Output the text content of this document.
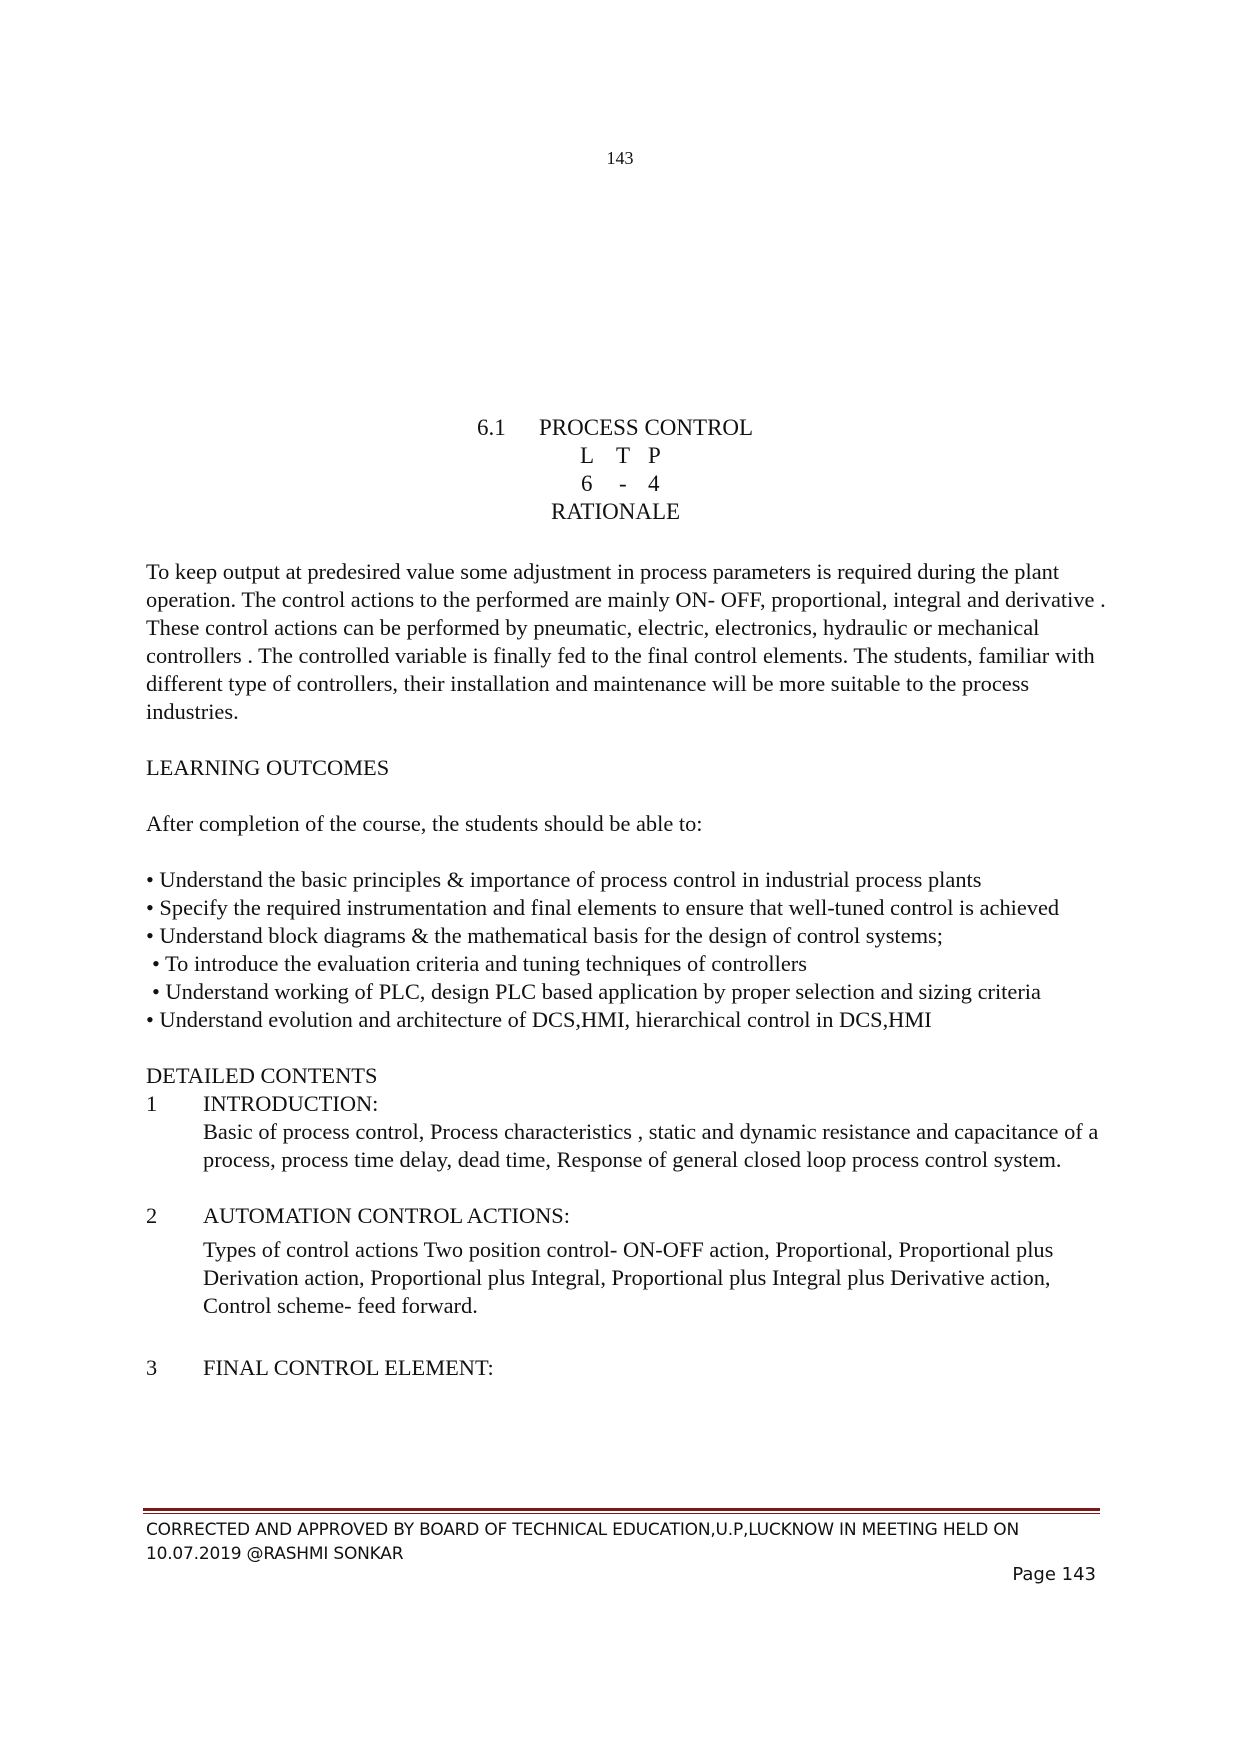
143
6.1 PROCESS CONTROL
L T P
6 - 4
RATIONALE

To keep output at predesired value some adjustment in process parameters is required during the plant operation. The control actions to the performed are mainly ON- OFF, proportional, integral and derivative . These control actions can be performed by pneumatic, electric, electronics, hydraulic or mechanical controllers . The controlled variable is finally fed to the final control elements. The students, familiar with different type of controllers, their installation and maintenance will be more suitable to the process industries.

LEARNING OUTCOMES

After completion of the course, the students should be able to:

• Understand the basic principles & importance of process control in industrial process plants
• Specify the required instrumentation and final elements to ensure that well-tuned control is achieved
• Understand block diagrams & the mathematical basis for the design of control systems;
• To introduce the evaluation criteria and tuning techniques of controllers
• Understand working of PLC, design PLC based application by proper selection and sizing criteria
• Understand evolution and architecture of DCS,HMI, hierarchical control in DCS,HMI

DETAILED CONTENTS

1	INTRODUCTION:
Basic of process control, Process characteristics , static and dynamic resistance and capacitance of a process, process time delay, dead time, Response of general closed loop process control system.
2	AUTOMATION CONTROL ACTIONS:
Types of control actions Two position control- ON-OFF action, Proportional, Proportional plus Derivation action, Proportional plus Integral, Proportional plus Integral plus Derivative action, Control scheme- feed forward.
3	FINAL CONTROL ELEMENT:
CORRECTED AND APPROVED BY BOARD OF TECHNICAL EDUCATION,U.P,LUCKNOW IN MEETING HELD ON
10.07.2019 @RASHMI SONKAR
Page 143
